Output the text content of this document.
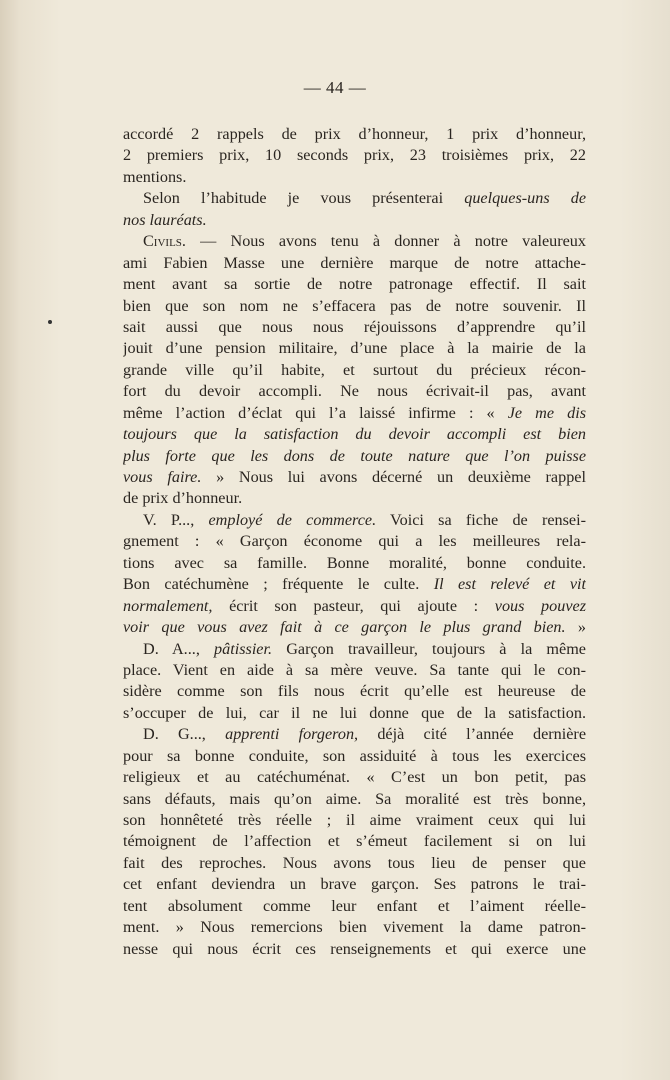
— 44 —
accordé 2 rappels de prix d’honneur, 1 prix d’honneur,
2 premiers prix, 10 seconds prix, 23 troisièmes prix, 22
mentions.
Selon l’habitude je vous présenterai quelques-uns de
nos lauréats.
Civils. — Nous avons tenu à donner à notre valeureux
ami Fabien Masse une dernière marque de notre attache-
ment avant sa sortie de notre patronage effectif. Il sait
bien que son nom ne s’effacera pas de notre souvenir. Il
sait aussi que nous nous réjouissons d’apprendre qu’il
jouit d’une pension militaire, d’une place à la mairie de la
grande ville qu’il habite, et surtout du précieux récon-
fort du devoir accompli. Ne nous écrivait-il pas, avant
même l’action d’éclat qui l’a laissé infirme : « Je me dis
toujours que la satisfaction du devoir accompli est bien
plus forte que les dons de toute nature que l’on puisse
vous faire. » Nous lui avons décerné un deuxième rappel
de prix d’honneur.
V. P..., employé de commerce. Voici sa fiche de rensei-
gnement : « Garçon économe qui a les meilleures rela-
tions avec sa famille. Bonne moralité, bonne conduite.
Bon catéchumène ; fréquente le culte. Il est relevé et vit
normalement, écrit son pasteur, qui ajoute : vous pouvez
voir que vous avez fait à ce garçon le plus grand bien. »
D. A..., pâtissier. Garçon travailleur, toujours à la même
place. Vient en aide à sa mère veuve. Sa tante qui le con-
sidère comme son fils nous écrit qu’elle est heureuse de
s’occuper de lui, car il ne lui donne que de la satisfaction.
D. G..., apprenti forgeron, déjà cité l’année dernière
pour sa bonne conduite, son assiduité à tous les exercices
religieux et au catéchuménat. « C’est un bon petit, pas
sans défauts, mais qu’on aime. Sa moralité est très bonne,
son honnêteté très réelle ; il aime vraiment ceux qui lui
témoignent de l’affection et s’émeut facilement si on lui
fait des reproches. Nous avons tous lieu de penser que
cet enfant deviendra un brave garçon. Ses patrons le trai-
tent absolument comme leur enfant et l’aiment réelle-
ment. » Nous remercions bien vivement la dame patron-
nesse qui nous écrit ces renseignements et qui exerce une
